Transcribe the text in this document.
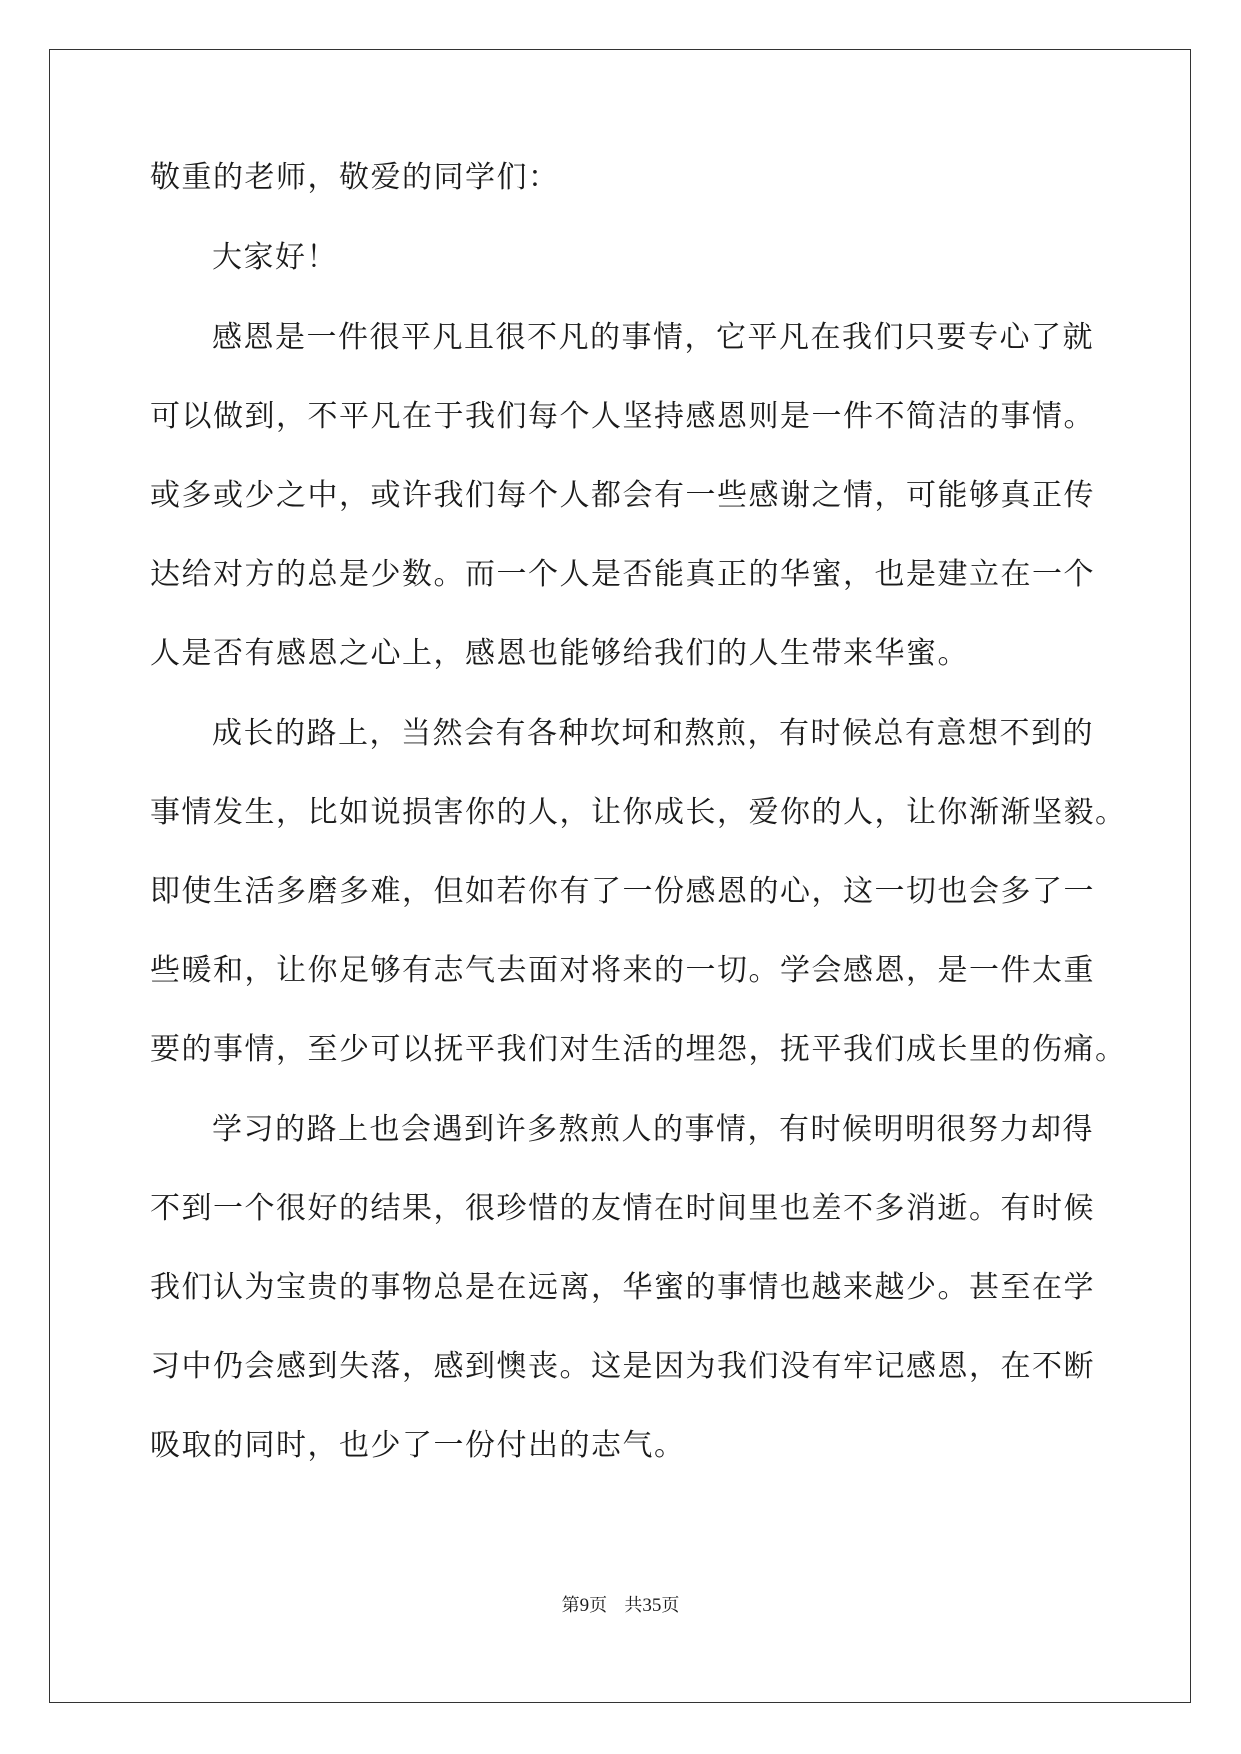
敬重的老师，敬爱的同学们：
大家好！
感恩是一件很平凡且很不凡的事情，它平凡在我们只要专心了就
可以做到，不平凡在于我们每个人坚持感恩则是一件不简洁的事情。
或多或少之中，或许我们每个人都会有一些感谢之情，可能够真正传
达给对方的总是少数。而一个人是否能真正的华蜜，也是建立在一个
人是否有感恩之心上，感恩也能够给我们的人生带来华蜜。
成长的路上，当然会有各种坎坷和熬煎，有时候总有意想不到的
事情发生，比如说损害你的人，让你成长，爱你的人，让你渐渐坚毅。
即使生活多磨多难，但如若你有了一份感恩的心，这一切也会多了一
些暖和，让你足够有志气去面对将来的一切。学会感恩，是一件太重
要的事情，至少可以抚平我们对生活的埋怨，抚平我们成长里的伤痛。
学习的路上也会遇到许多熬煎人的事情，有时候明明很努力却得
不到一个很好的结果，很珍惜的友情在时间里也差不多消逝。有时候
我们认为宝贵的事物总是在远离，华蜜的事情也越来越少。甚至在学
习中仍会感到失落，感到懊丧。这是因为我们没有牢记感恩，在不断
吸取的同时，也少了一份付出的志气。
第9页 共35页
